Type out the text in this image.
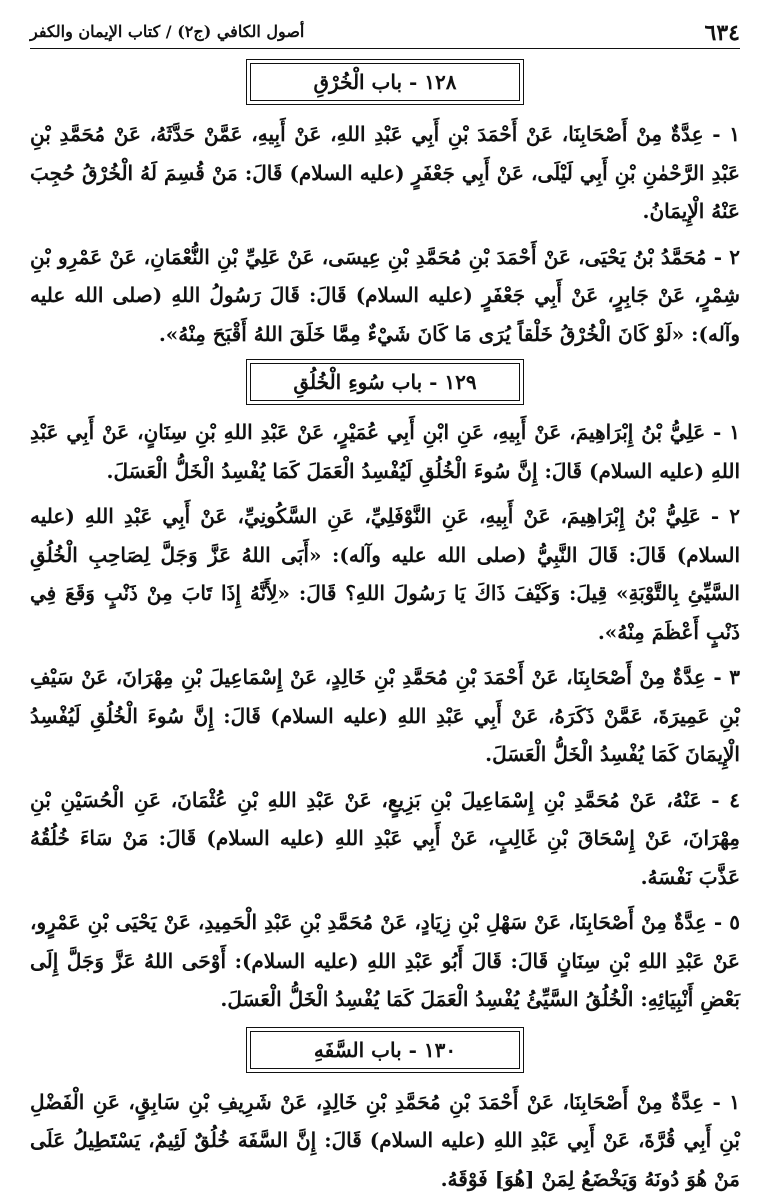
٦٣٤
أصول الكافي (ج٢) / كتاب الإيمان والكفر
١٢٨ - باب الْخُرْقِ

١ - عِدَّةٌ مِنْ أَصْحَابِنَا، عَنْ أَحْمَدَ بْنِ أَبِي عَبْدِ اللهِ، عَنْ أَبِيهِ، عَمَّنْ حَدَّثَهُ، عَنْ مُحَمَّدِ بْنِ عَبْدِ الرَّحْمٰنِ بْنِ أَبِي لَيْلَى، عَنْ أَبِي جَعْفَرٍ (عليه السلام) قَالَ: مَنْ قُسِمَ لَهُ الْخُرْقُ حُجِبَ عَنْهُ الْإِيمَانُ.

٢ - مُحَمَّدُ بْنُ يَحْيَى، عَنْ أَحْمَدَ بْنِ مُحَمَّدِ بْنِ عِيسَى، عَنْ عَلِيِّ بْنِ النُّعْمَانِ، عَنْ عَمْرِو بْنِ شِمْرٍ، عَنْ جَابِرٍ، عَنْ أَبِي جَعْفَرٍ (عليه السلام) قَالَ: قَالَ رَسُولُ اللهِ (صلى الله عليه وآله): «لَوْ كَانَ الْخُرْقُ خَلْقاً يُرَى مَا كَانَ شَيْءٌ مِمَّا خَلَقَ اللهُ أَقْبَحَ مِنْهُ».

١٢٩ - باب سُوءِ الْخُلُقِ

١ - عَلِيُّ بْنُ إِبْرَاهِيمَ، عَنْ أَبِيهِ، عَنِ ابْنِ أَبِي عُمَيْرٍ، عَنْ عَبْدِ اللهِ بْنِ سِنَانٍ، عَنْ أَبِي عَبْدِ اللهِ (عليه السلام) قَالَ: إِنَّ سُوءَ الْخُلُقِ لَيُفْسِدُ الْعَمَلَ كَمَا يُفْسِدُ الْخَلُّ الْعَسَلَ.

٢ - عَلِيُّ بْنُ إِبْرَاهِيمَ، عَنْ أَبِيهِ، عَنِ النَّوْفَلِيِّ، عَنِ السَّكُونِيِّ، عَنْ أَبِي عَبْدِ اللهِ (عليه السلام) قَالَ: قَالَ النَّبِيُّ (صلى الله عليه وآله): «أَبَى اللهُ عَزَّ وَجَلَّ لِصَاحِبِ الْخُلُقِ السَّيِّئِ بِالتَّوْبَةِ» قِيلَ: وَكَيْفَ ذَاكَ يَا رَسُولَ اللهِ؟ قَالَ: «لِأَنَّهُ إِذَا تَابَ مِنْ ذَنْبٍ وَقَعَ فِي ذَنْبٍ أَعْظَمَ مِنْهُ».

٣ - عِدَّةٌ مِنْ أَصْحَابِنَا، عَنْ أَحْمَدَ بْنِ مُحَمَّدِ بْنِ خَالِدٍ، عَنْ إِسْمَاعِيلَ بْنِ مِهْرَانَ، عَنْ سَيْفِ بْنِ عَمِيرَةَ، عَمَّنْ ذَكَرَهُ، عَنْ أَبِي عَبْدِ اللهِ (عليه السلام) قَالَ: إِنَّ سُوءَ الْخُلُقِ لَيُفْسِدُ الْإِيمَانَ كَمَا يُفْسِدُ الْخَلُّ الْعَسَلَ.

٤ - عَنْهُ، عَنْ مُحَمَّدِ بْنِ إِسْمَاعِيلَ بْنِ بَزِيعٍ، عَنْ عَبْدِ اللهِ بْنِ عُثْمَانَ، عَنِ الْحُسَيْنِ بْنِ مِهْرَانَ، عَنْ إِسْحَاقَ بْنِ غَالِبٍ، عَنْ أَبِي عَبْدِ اللهِ (عليه السلام) قَالَ: مَنْ سَاءَ خُلُقُهُ عَذَّبَ نَفْسَهُ.

٥ - عِدَّةٌ مِنْ أَصْحَابِنَا، عَنْ سَهْلِ بْنِ زِيَادٍ، عَنْ مُحَمَّدِ بْنِ عَبْدِ الْحَمِيدِ، عَنْ يَحْيَى بْنِ عَمْرٍو، عَنْ عَبْدِ اللهِ بْنِ سِنَانٍ قَالَ: قَالَ أَبُو عَبْدِ اللهِ (عليه السلام): أَوْحَى اللهُ عَزَّ وَجَلَّ إِلَى بَعْضِ أَنْبِيَائِهِ: الْخُلُقُ السَّيِّئُ يُفْسِدُ الْعَمَلَ كَمَا يُفْسِدُ الْخَلُّ الْعَسَلَ.

١٣٠ - باب السَّفَهِ

١ - عِدَّةٌ مِنْ أَصْحَابِنَا، عَنْ أَحْمَدَ بْنِ مُحَمَّدِ بْنِ خَالِدٍ، عَنْ شَرِيفِ بْنِ سَابِقٍ، عَنِ الْفَضْلِ بْنِ أَبِي قُرَّةَ، عَنْ أَبِي عَبْدِ اللهِ (عليه السلام) قَالَ: إِنَّ السَّفَهَ خُلُقٌ لَئِيمٌ، يَسْتَطِيلُ عَلَى مَنْ هُوَ دُونَهُ وَيَخْضَعُ لِمَنْ [هُوَ] فَوْقَهُ.
